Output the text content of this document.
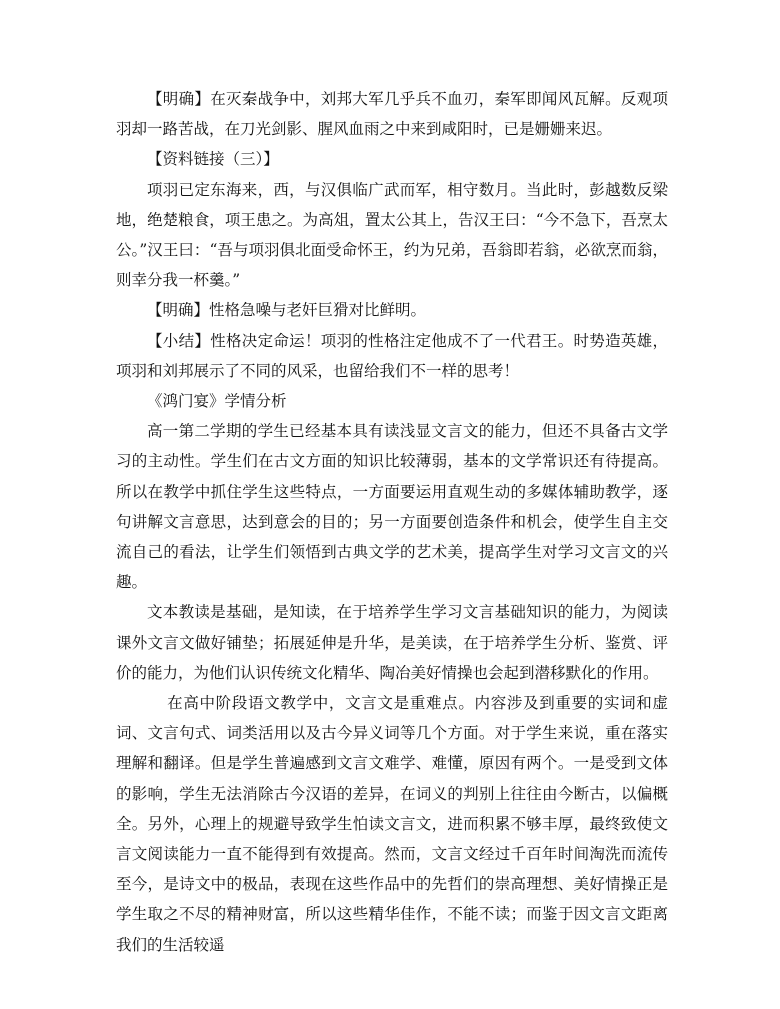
【明确】在灭秦战争中，刘邦大军几乎兵不血刃，秦军即闻风瓦解。反观项羽却一路苦战，在刀光剑影、腥风血雨之中来到咸阳时，已是姗姗来迟。

【资料链接（三）】

项羽已定东海来，西，与汉俱临广武而军，相守数月。当此时，彭越数反梁地，绝楚粮食，项王患之。为高俎，置太公其上，告汉王曰：“今不急下，吾烹太公。”汉王曰：“吾与项羽俱北面受命怀王，约为兄弟，吾翁即若翁，必欲烹而翁，则幸分我一杯羹。”

【明确】性格急噪与老奸巨猾对比鲜明。

【小结】性格决定命运！项羽的性格注定他成不了一代君王。时势造英雄，项羽和刘邦展示了不同的风采，也留给我们不一样的思考！

《鸿门宴》学情分析

高一第二学期的学生已经基本具有读浅显文言文的能力，但还不具备古文学习的主动性。学生们在古文方面的知识比较薄弱，基本的文学常识还有待提高。所以在教学中抓住学生这些特点，一方面要运用直观生动的多媒体辅助教学，逐句讲解文言意思，达到意会的目的；另一方面要创造条件和机会，使学生自主交流自己的看法，让学生们领悟到古典文学的艺术美，提高学生对学习文言文的兴趣。

文本教读是基础，是知读，在于培养学生学习文言基础知识的能力，为阅读课外文言文做好铺垫；拓展延伸是升华，是美读，在于培养学生分析、鉴赏、评价的能力，为他们认识传统文化精华、陶冶美好情操也会起到潜移默化的作用。

在高中阶段语文教学中，文言文是重难点。内容涉及到重要的实词和虚词、文言句式、词类活用以及古今异义词等几个方面。对于学生来说，重在落实理解和翻译。但是学生普遍感到文言文难学、难懂，原因有两个。一是受到文体的影响，学生无法消除古今汉语的差异，在词义的判别上往往由今断古，以偏概全。另外，心理上的规避导致学生怕读文言文，进而积累不够丰厚，最终致使文言文阅读能力一直不能得到有效提高。然而，文言文经过千百年时间淘洗而流传至今，是诗文中的极品，表现在这些作品中的先哲们的崇高理想、美好情操正是学生取之不尽的精神财富，所以这些精华佳作，不能不读；而鉴于因文言文距离我们的生活较遥
